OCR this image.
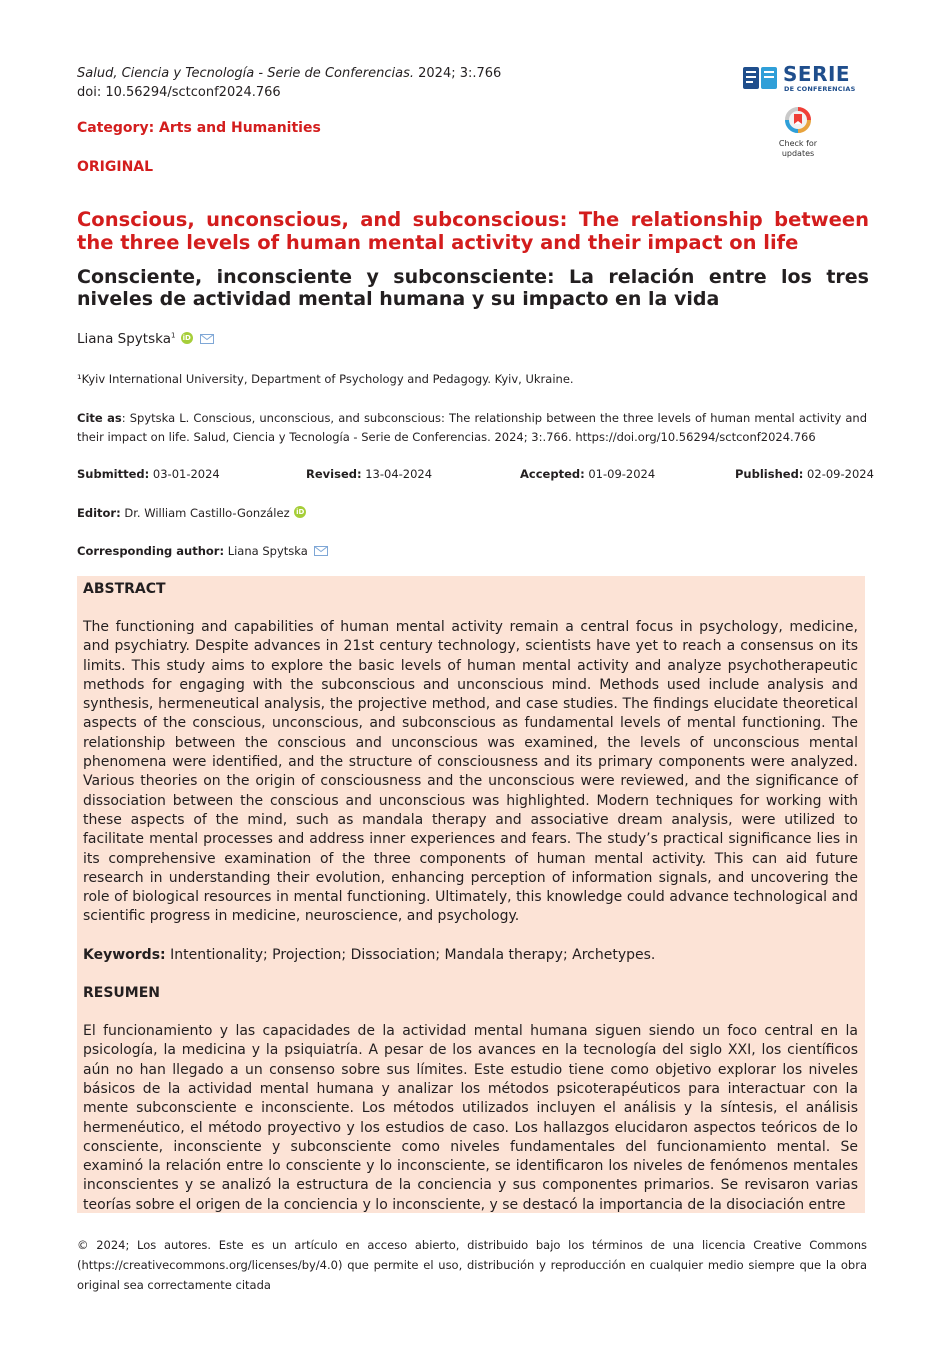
Salud, Ciencia y Tecnología - Serie de Conferencias. 2024; 3:.766
doi: 10.56294/sctconf2024.766
SERIE
DE CONFERENCIAS
Check for
updates
Category: Arts and Humanities
ORIGINAL
Conscious, unconscious, and subconscious: The relationship between the three levels of human mental activity and their impact on life
Consciente, inconsciente y subconsciente: La relación entre los tres niveles de actividad mental humana y su impacto en la vida
Liana Spytska$^1$ iD
¹Kyiv International University, Department of Psychology and Pedagogy. Kyiv, Ukraine.
Cite as: Spytska L. Conscious, unconscious, and subconscious: The relationship between the three levels of human mental activity and their impact on life. Salud, Ciencia y Tecnología - Serie de Conferencias. 2024; 3:.766. https://doi.org/10.56294/sctconf2024.766
Submitted: 03-01-2024	Revised: 13-04-2024	Accepted: 01-09-2024	Published: 02-09-2024
Editor: Dr. William Castillo-González iD
Corresponding author: Liana Spytska
ABSTRACT

The functioning and capabilities of human mental activity remain a central focus in psychology, medicine, and psychiatry. Despite advances in 21st century technology, scientists have yet to reach a consensus on its limits. This study aims to explore the basic levels of human mental activity and analyze psychotherapeutic methods for engaging with the subconscious and unconscious mind. Methods used include analysis and synthesis, hermeneutical analysis, the projective method, and case studies. The findings elucidate theoretical aspects of the conscious, unconscious, and subconscious as fundamental levels of mental functioning. The relationship between the conscious and unconscious was examined, the levels of unconscious mental phenomena were identified, and the structure of consciousness and its primary components were analyzed. Various theories on the origin of consciousness and the unconscious were reviewed, and the significance of dissociation between the conscious and unconscious was highlighted. Modern techniques for working with these aspects of the mind, such as mandala therapy and associative dream analysis, were utilized to facilitate mental processes and address inner experiences and fears. The study’s practical significance lies in its comprehensive examination of the three components of human mental activity. This can aid future research in understanding their evolution, enhancing perception of information signals, and uncovering the role of biological resources in mental functioning. Ultimately, this knowledge could advance technological and scientific progress in medicine, neuroscience, and psychology.

Keywords: Intentionality; Projection; Dissociation; Mandala therapy; Archetypes.

RESUMEN

El funcionamiento y las capacidades de la actividad mental humana siguen siendo un foco central en la psicología, la medicina y la psiquiatría. A pesar de los avances en la tecnología del siglo XXI, los científicos aún no han llegado a un consenso sobre sus límites. Este estudio tiene como objetivo explorar los niveles básicos de la actividad mental humana y analizar los métodos psicoterapéuticos para interactuar con la mente subconsciente e inconsciente. Los métodos utilizados incluyen el análisis y la síntesis, el análisis hermenéutico, el método proyectivo y los estudios de caso. Los hallazgos elucidaron aspectos teóricos de lo consciente, inconsciente y subconsciente como niveles fundamentales del funcionamiento mental. Se examinó la relación entre lo consciente y lo inconsciente, se identificaron los niveles de fenómenos mentales inconscientes y se analizó la estructura de la conciencia y sus componentes primarios. Se revisaron varias teorías sobre el origen de la conciencia y lo inconsciente, y se destacó la importancia de la disociación entre

© 2024; Los autores. Este es un artículo en acceso abierto, distribuido bajo los términos de una licencia Creative Commons (https://creativecommons.org/licenses/by/4.0) que permite el uso, distribución y reproducción en cualquier medio siempre que la obra original sea correctamente citada
